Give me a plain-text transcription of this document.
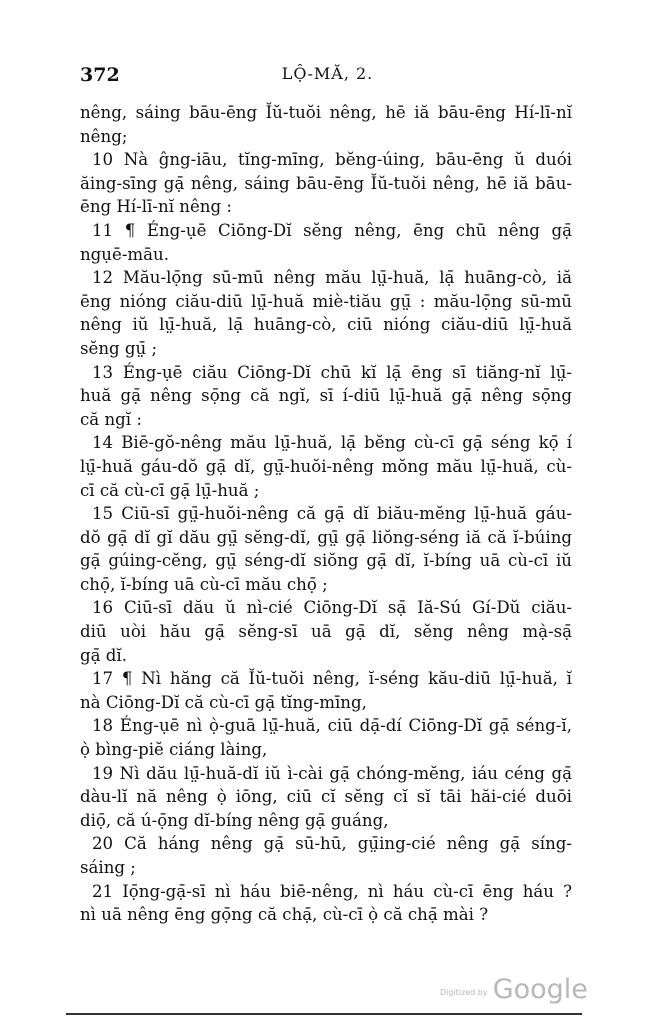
372	LỘ-MĂ, 2.
nêng, sáing bāu-ēng Ĭŭ-tuŏi nêng, hē iă bāu-ēng Hí-lī-nĭ
nêng;
10 Nà ĝng-iāu, tĭng-mīng, bĕng-úing, bāu-ēng ŭ duói
ăing-sīng gạ̄ nêng, sáing bāu-ēng Ĭŭ-tuŏi nêng, hē iă bāu-
ēng Hí-lī-nĭ nêng :
11 ¶ Éng-ụē Ciōng-Dĭ sĕng nêng, ēng chū nêng gạ̄
ngụē-māu.
12 Mău-lọ̄ng sū-mū nêng mău lṳ̄-huă, lạ̄ huāng-cò, iă
ēng nióng ciău-diū lṳ̄-huă miè-tiău gṳ̄ : mău-lọ̄ng sū-mū
nêng iŭ lṳ̄-huă, lạ̄ huāng-cò, ciū nióng ciău-diū lṳ̄-huă
sĕng gṳ̄ ;
13 Éng-ụē ciău Ciōng-Dĭ chū kĭ lạ̄ ēng sī tiăng-nĭ lṳ̄-
huă gạ̄ nêng sọ̄ng că ngĭ, sī í-diū lṳ̄-huă gạ̄ nêng sọ̄ng
că ngĭ :
14 Biē-gŏ-nêng mău lṳ̄-huă, lạ̄ bĕng cù-cī gạ̄ séng kọ̄ í
lṳ̄-huă gáu-dŏ gạ̄ dĭ, gṳ̄-huŏi-nêng mŏng mău lṳ̄-huă, cù-
cī că cù-cī gạ̄ lṳ̄-huă ;
15 Ciū-sī gṳ̄-huŏi-nêng că gạ̄ dĭ biău-mĕng lṳ̄-huă gáu-
dŏ gạ̄ dĭ gĭ dău gṳ̄ sĕng-dĭ, gṳ̄ gạ̄ liŏng-séng iă că ĭ-búing
gạ̄ gúing-cĕng, gṳ̄ séng-dĭ siŏng gạ̄ dĭ, ĭ-bíng uā cù-cī iŭ
chọ̄, ĭ-bíng uā cù-cī mău chọ̄ ;
16 Ciū-sī dău ŭ nì-cié Ciōng-Dĭ sạ̄ Iă-Sú Gí-Dŭ ciău-
diū uòi hău gạ̄ sĕng-sī uā gạ̄ dĭ, sĕng nêng mạ̀-sạ̄
gạ̄ dĭ.
17 ¶ Nì hăng că Ĭŭ-tuŏi nêng, ĭ-séng kău-diū lṳ̄-huă, ĭ
nà Ciōng-Dĭ că cù-cī gạ̄ tĭng-mīng,
18 Éng-ụē nì ọ̀-guā lṳ̄-huă, ciū dạ̄-dí Ciōng-Dĭ gạ̄ séng-ĭ,
ọ̀ bìng-piĕ ciáng làing,
19 Nì dău lṳ̄-huă-dĭ iŭ ì-cài gạ̄ chóng-mĕng, iáu céng gạ̄
dàu-lĭ nă nêng ọ̀ iōng, ciū cĭ sĕng cĭ sĭ tāi hăi-cié duōi
diọ̄, că ú-ọ̄ng dĭ-bíng nêng gạ̄ guáng,
20 Că háng nêng gạ̄ sū-hū, gṳ̄ing-cié nêng gạ̄ síng-
sáing ;
21 Iọ̄ng-gạ̄-sī nì háu biē-nêng, nì háu cù-cī ēng háu ?
nì uā nêng ēng gọ̄ng că chạ̄, cù-cī ọ̀ că chạ̄ mài ?
Digitized by Google
